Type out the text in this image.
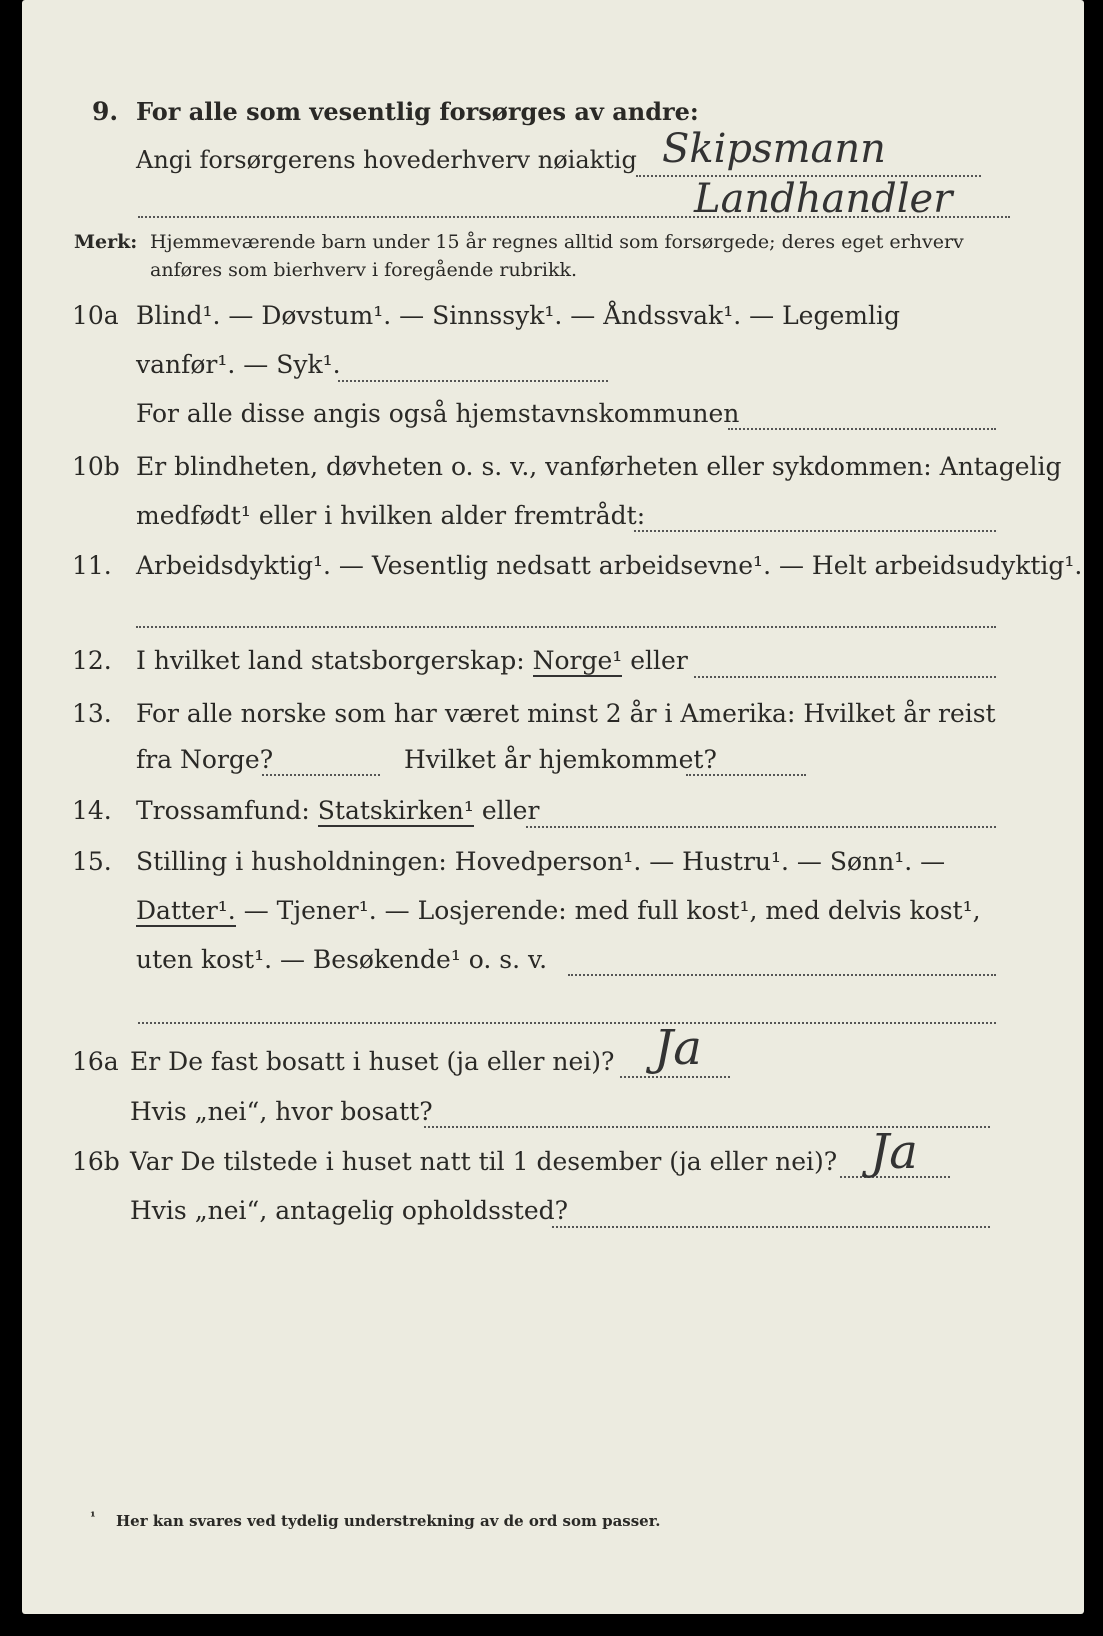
9. For alle som vesentlig forsørges av andre:
Angi forsørgerens hovederhverv nøiaktig Skipsmann
Landhandler
Merk: Hjemmeværende barn under 15 år regnes alltid som forsørgede; deres eget erhverv
anføres som bierhverv i foregående rubrikk.
10a Blind¹. — Døvstum¹. — Sinnssyk¹. — Åndssvak¹. — Legemlig
vanfør¹. — Syk¹.
For alle disse angis også hjemstavnskommunen
10b Er blindheten, døvheten o. s. v., vanførheten eller sykdommen: Antagelig
medfødt¹ eller i hvilken alder fremtrådt:
11. Arbeidsdyktig¹. — Vesentlig nedsatt arbeidsevne¹. — Helt arbeidsudyktig¹.
12. I hvilket land statsborgerskap: Norge¹ eller
13. For alle norske som har været minst 2 år i Amerika: Hvilket år reist
fra Norge?	Hvilket år hjemkommet?
14. Trossamfund: Statskirken¹ eller
15. Stilling i husholdningen: Hovedperson¹. — Hustru¹. — Sønn¹. —
Datter¹. — Tjener¹. — Losjerende: med full kost¹, med delvis kost¹,
uten kost¹. — Besøkende¹ o. s. v.
16a Er De fast bosatt i huset (ja eller nei)? Ja
Hvis „nei“, hvor bosatt?
16b Var De tilstede i huset natt til 1 desember (ja eller nei)? Ja
Hvis „nei“, antagelig opholdssted?
¹ Her kan svares ved tydelig understrekning av de ord som passer.
